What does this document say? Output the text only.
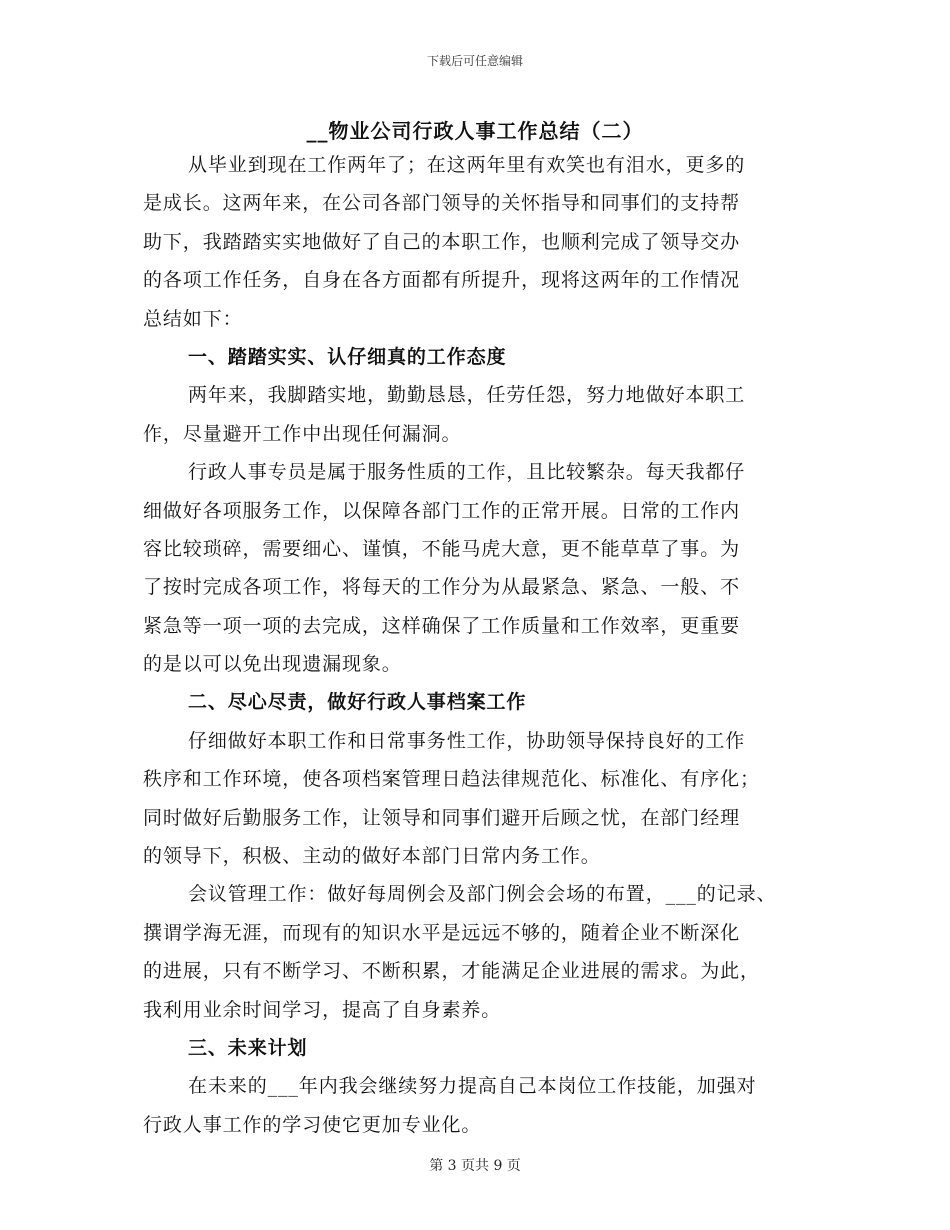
下载后可任意编辑
__物业公司行政人事工作总结（二）
从毕业到现在工作两年了；在这两年里有欢笑也有泪水，更多的
是成长。这两年来，在公司各部门领导的关怀指导和同事们的支持帮
助下，我踏踏实实地做好了自己的本职工作，也顺利完成了领导交办
的各项工作任务，自身在各方面都有所提升，现将这两年的工作情况
总结如下：
一、踏踏实实、认仔细真的工作态度
两年来，我脚踏实地，勤勤恳恳，任劳任怨，努力地做好本职工
作，尽量避开工作中出现任何漏洞。
行政人事专员是属于服务性质的工作，且比较繁杂。每天我都仔
细做好各项服务工作，以保障各部门工作的正常开展。日常的工作内
容比较琐碎，需要细心、谨慎，不能马虎大意，更不能草草了事。为
了按时完成各项工作，将每天的工作分为从最紧急、紧急、一般、不
紧急等一项一项的去完成，这样确保了工作质量和工作效率，更重要
的是以可以免出现遗漏现象。
二、尽心尽责，做好行政人事档案工作
仔细做好本职工作和日常事务性工作，协助领导保持良好的工作
秩序和工作环境，使各项档案管理日趋法律规范化、标准化、有序化；
同时做好后勤服务工作，让领导和同事们避开后顾之忧，在部门经理
的领导下，积极、主动的做好本部门日常内务工作。
会议管理工作：做好每周例会及部门例会会场的布置，___的记录、
撰谓学海无涯，而现有的知识水平是远远不够的，随着企业不断深化
的进展，只有不断学习、不断积累，才能满足企业进展的需求。为此，
我利用业余时间学习，提高了自身素养。
三、未来计划
在未来的___年内我会继续努力提高自己本岗位工作技能，加强对
行政人事工作的学习使它更加专业化。
第 3 页共 9 页
